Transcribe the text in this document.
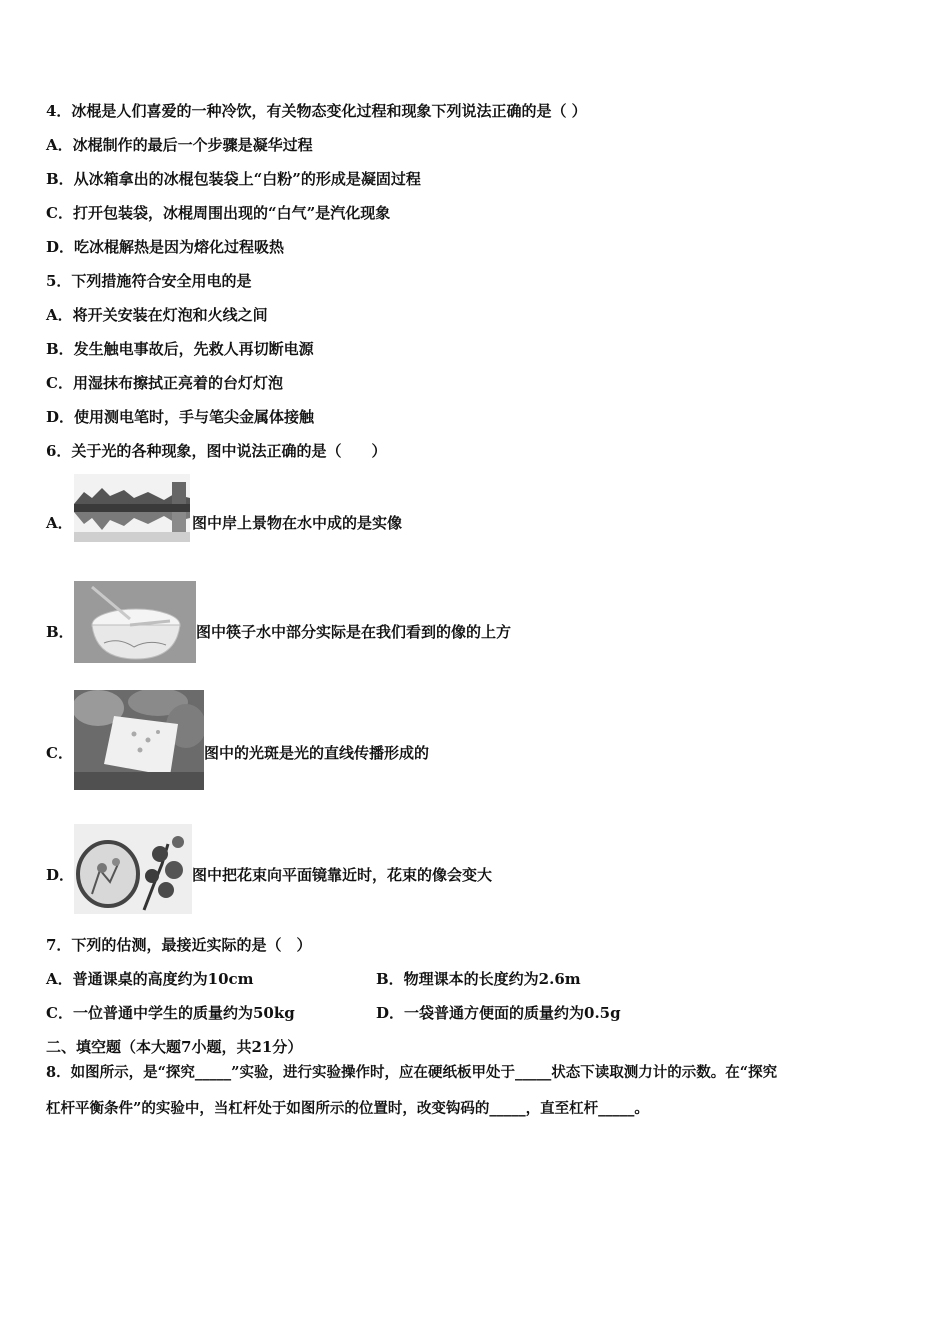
4．冰棍是人们喜爱的一种冷饮，有关物态变化过程和现象下列说法正确的是（ ）
A．冰棍制作的最后一个步骤是凝华过程
B．从冰箱拿出的冰棍包装袋上“白粉”的形成是凝固过程
C．打开包装袋，冰棍周围出现的“白气”是汽化现象
D．吃冰棍解热是因为熔化过程吸热
5．下列措施符合安全用电的是
A．将开关安装在灯泡和火线之间
B．发生触电事故后，先救人再切断电源
C．用湿抹布擦拭正亮着的台灯灯泡
D．使用测电笔时，手与笔尖金属体接触
6．关于光的各种现象，图中说法正确的是（　　）
A．	图中岸上景物在水中成的是实像
B．	图中筷子水中部分实际是在我们看到的像的上方
C．	图中的光斑是光的直线传播形成的
D．	图中把花束向平面镜靠近时，花束的像会变大
7．下列的估测，最接近实际的是（　）
A．普通课桌的高度约为10cm	B．物理课本的长度约为2.6m
C．一位普通中学生的质量约为50kg	D．一袋普通方便面的质量约为0.5g
二、填空题（本大题7小题，共21分）
8．如图所示，是“探究_____”实验，进行实验操作时，应在硬纸板甲处于_____状态下读取测力计的示数。在“探究
杠杆平衡条件”的实验中，当杠杆处于如图所示的位置时，改变钩码的_____，直至杠杆_____。
